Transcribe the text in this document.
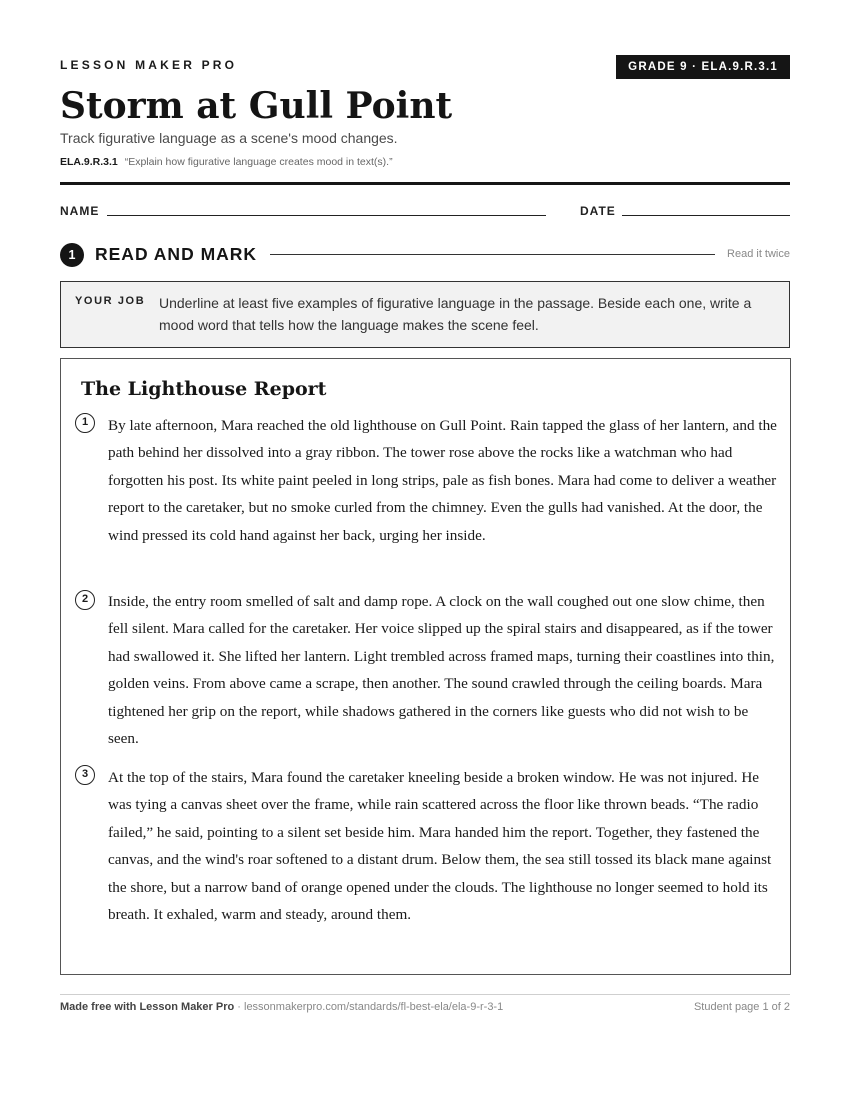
LESSON MAKER PRO	GRADE 9 · ELA.9.R.3.1
Storm at Gull Point
Track figurative language as a scene's mood changes.
ELA.9.R.3.1 “Explain how figurative language creates mood in text(s).”
NAME	DATE
1	READ AND MARK	Read it twice
YOUR JOB Underline at least five examples of figurative language in the passage. Beside each one, write a mood word that tells how the language makes the scene feel.
The Lighthouse Report
1	By late afternoon, Mara reached the old lighthouse on Gull Point. Rain tapped the glass of her lantern, and the path behind her dissolved into a gray ribbon. The tower rose above the rocks like a watchman who had forgotten his post. Its white paint peeled in long strips, pale as fish bones. Mara had come to deliver a weather report to the caretaker, but no smoke curled from the chimney. Even the gulls had vanished. At the door, the wind pressed its cold hand against her back, urging her inside.

2	Inside, the entry room smelled of salt and damp rope. A clock on the wall coughed out one slow chime, then fell silent. Mara called for the caretaker. Her voice slipped up the spiral stairs and disappeared, as if the tower had swallowed it. She lifted her lantern. Light trembled across framed maps, turning their coastlines into thin, golden veins. From above came a scrape, then another. The sound crawled through the ceiling boards. Mara tightened her grip on the report, while shadows gathered in the corners like guests who did not wish to be seen.

3	At the top of the stairs, Mara found the caretaker kneeling beside a broken window. He was not injured. He was tying a canvas sheet over the frame, while rain scattered across the floor like thrown beads. “The radio failed,” he said, pointing to a silent set beside him. Mara handed him the report. Together, they fastened the canvas, and the wind's roar softened to a distant drum. Below them, the sea still tossed its black mane against the shore, but a narrow band of orange opened under the clouds. The lighthouse no longer seemed to hold its breath. It exhaled, warm and steady, around them.

Made free with Lesson Maker Pro · lessonmakerpro.com/standards/fl-best-ela/ela-9-r-3-1	Student page 1 of 2
